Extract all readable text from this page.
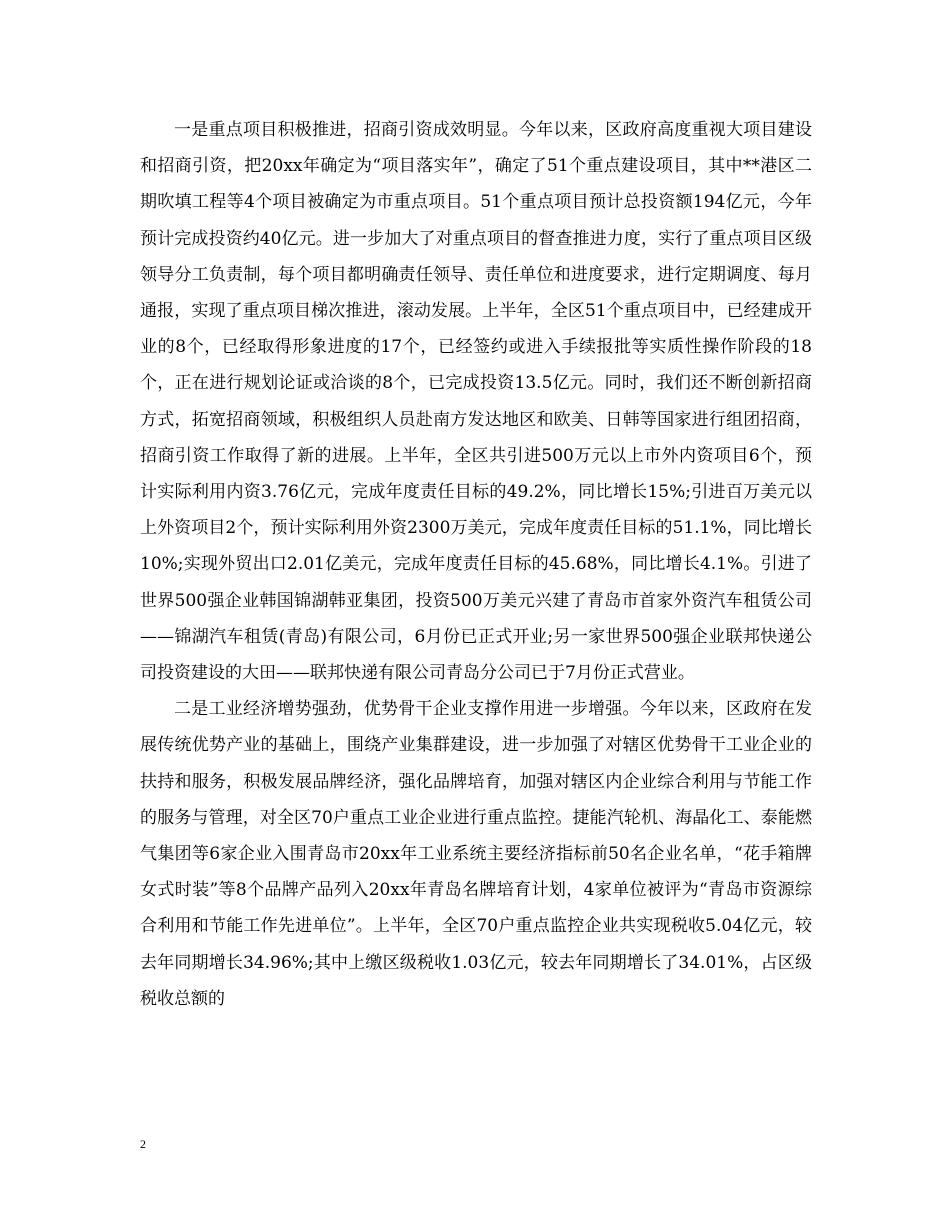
一是重点项目积极推进，招商引资成效明显。今年以来，区政府高度重视大项目建设和招商引资，把20xx年确定为“项目落实年”，确定了51个重点建设项目，其中**港区二期吹填工程等4个项目被确定为市重点项目。51个重点项目预计总投资额194亿元，今年预计完成投资约40亿元。进一步加大了对重点项目的督查推进力度，实行了重点项目区级领导分工负责制，每个项目都明确责任领导、责任单位和进度要求，进行定期调度、每月通报，实现了重点项目梯次推进，滚动发展。上半年，全区51个重点项目中，已经建成开业的8个，已经取得形象进度的17个，已经签约或进入手续报批等实质性操作阶段的18个，正在进行规划论证或洽谈的8个，已完成投资13.5亿元。同时，我们还不断创新招商方式，拓宽招商领域，积极组织人员赴南方发达地区和欧美、日韩等国家进行组团招商，招商引资工作取得了新的进展。上半年，全区共引进500万元以上市外内资项目6个，预计实际利用内资3.76亿元，完成年度责任目标的49.2%，同比增长15%;引进百万美元以上外资项目2个，预计实际利用外资2300万美元，完成年度责任目标的51.1%，同比增长10%;实现外贸出口2.01亿美元，完成年度责任目标的45.68%，同比增长4.1%。引进了世界500强企业韩国锦湖韩亚集团，投资500万美元兴建了青岛市首家外资汽车租赁公司——锦湖汽车租赁(青岛)有限公司，6月份已正式开业;另一家世界500强企业联邦快递公司投资建设的大田——联邦快递有限公司青岛分公司已于7月份正式营业。

二是工业经济增势强劲，优势骨干企业支撑作用进一步增强。今年以来，区政府在发展传统优势产业的基础上，围绕产业集群建设，进一步加强了对辖区优势骨干工业企业的扶持和服务，积极发展品牌经济，强化品牌培育，加强对辖区内企业综合利用与节能工作的服务与管理，对全区70户重点工业企业进行重点监控。捷能汽轮机、海晶化工、泰能燃气集团等6家企业入围青岛市20xx年工业系统主要经济指标前50名企业名单，“花手箱牌女式时装”等8个品牌产品列入20xx年青岛名牌培育计划，4家单位被评为“青岛市资源综合利用和节能工作先进单位”。上半年，全区70户重点监控企业共实现税收5.04亿元，较去年同期增长34.96%;其中上缴区级税收1.03亿元，较去年同期增长了34.01%，占区级税收总额的

2
